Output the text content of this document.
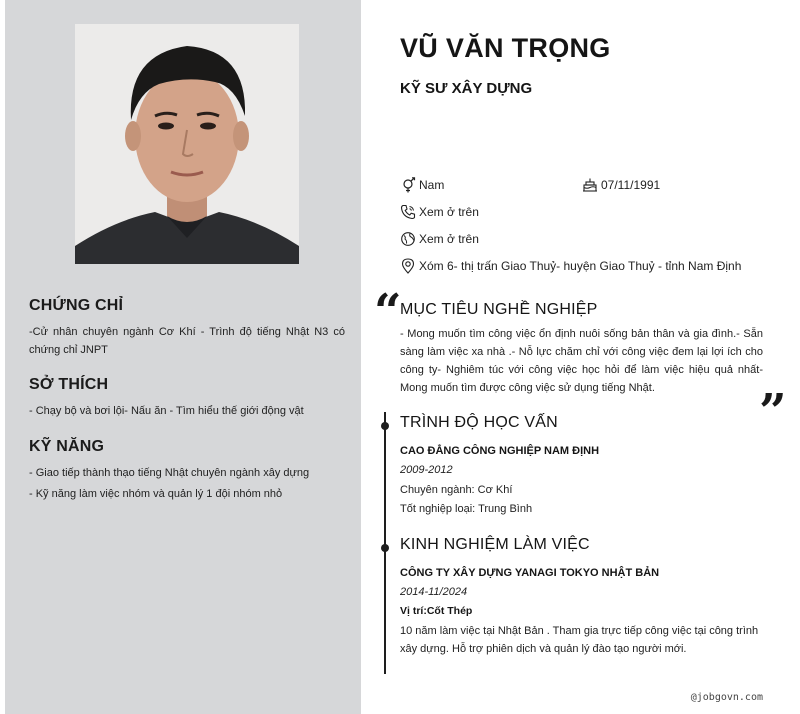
CHỨNG CHỈ
-Cử nhân chuyên ngành Cơ Khí - Trình độ tiếng Nhật N3 có chứng chỉ JNPT
SỞ THÍCH
- Chạy bộ và bơi lội- Nấu ăn - Tìm hiểu thế giới động vật
KỸ NĂNG

- Giao tiếp thành thạo tiếng Nhật chuyên ngành xây dựng

- Kỹ năng làm việc nhóm và quản lý 1 đội nhóm nhỏ

VŨ VĂN TRỌNG
KỸ SƯ XÂY DỰNG
Nam	07/11/1991
Xem ở trên
Xem ở trên
Xóm 6- thị trấn Giao Thuỷ- huyện Giao Thuỷ - tỉnh Nam Định
“
MỤC TIÊU NGHỀ NGHIỆP
- Mong muốn tìm công việc ổn định nuôi sống bản thân và gia đình.- Sẵn sàng làm việc xa nhà .- Nỗ lực chăm chỉ với công việc đem lại lợi ích cho công ty- Nghiêm túc với công việc học hỏi để làm việc hiệu quả nhất- Mong muốn tìm được công việc sử dụng tiếng Nhật.	”
TRÌNH ĐỘ HỌC VẤN
CAO ĐẲNG CÔNG NGHIỆP NAM ĐỊNH
2009-2012
Chuyên ngành: Cơ Khí
Tốt nghiệp loại: Trung Bình
KINH NGHIỆM LÀM VIỆC
CÔNG TY XÂY DỰNG YANAGI TOKYO NHẬT BẢN
2014-11/2024
Vị trí:Cốt Thép
10 năm làm việc tại Nhật Bản . Tham gia trực tiếp công việc tại công trình xây dựng. Hỗ trợ phiên dịch và quản lý đào tạo người mới.
@jobgovn.com
